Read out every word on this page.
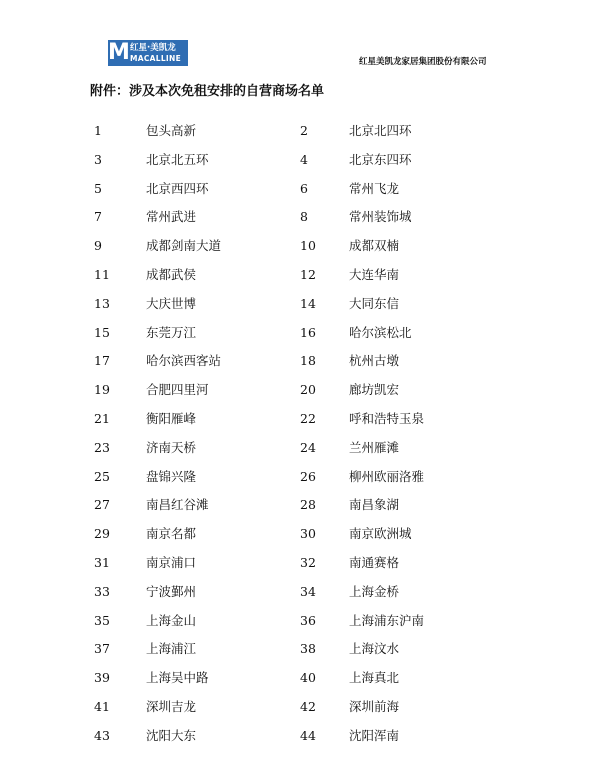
M 红星·美凯龙
MACALLINE	红星美凯龙家居集团股份有限公司
附件：涉及本次免租安排的自营商场名单
1	包头高新	2	北京北四环
3	北京北五环	4	北京东四环
5	北京西四环	6	常州飞龙
7	常州武进	8	常州装饰城
9	成都剑南大道	10	成都双楠
11	成都武侯	12	大连华南
13	大庆世博	14	大同东信
15	东莞万江	16	哈尔滨松北
17	哈尔滨西客站	18	杭州古墩
19	合肥四里河	20	廊坊凯宏
21	衡阳雁峰	22	呼和浩特玉泉
23	济南天桥	24	兰州雁滩
25	盘锦兴隆	26	柳州欧丽洛雅
27	南昌红谷滩	28	南昌象湖
29	南京名都	30	南京欧洲城
31	南京浦口	32	南通赛格
33	宁波鄞州	34	上海金桥
35	上海金山	36	上海浦东沪南
37	上海浦江	38	上海汶水
39	上海吴中路	40	上海真北
41	深圳吉龙	42	深圳前海
43	沈阳大东	44	沈阳浑南
